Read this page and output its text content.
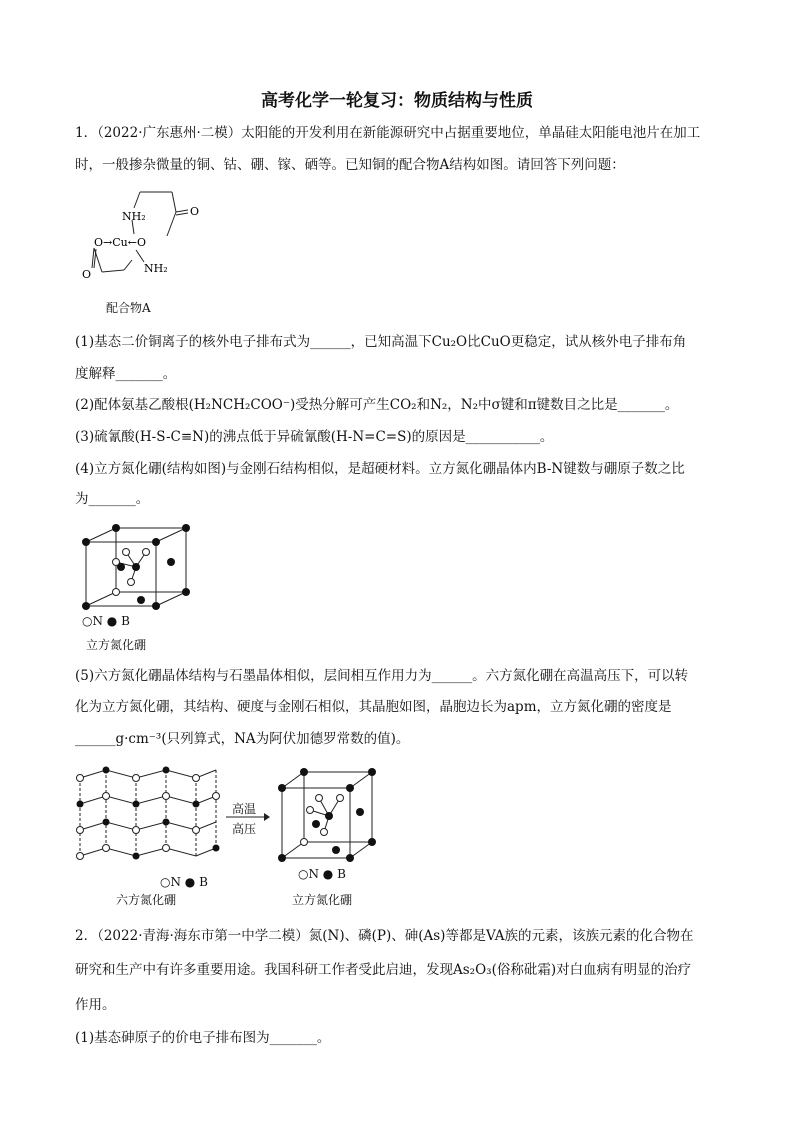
高考化学一轮复习：物质结构与性质
1．（2022·广东惠州·二模）太阳能的开发利用在新能源研究中占据重要地位，单晶硅太阳能电池片在加工
时，一般掺杂微量的铜、钴、硼、镓、硒等。已知铜的配合物A结构如图。请回答下列问题：
NH₂	O
O→Cu←O
O	NH₂
配合物A
(1)基态二价铜离子的核外电子排布式为______，已知高温下Cu₂O比CuO更稳定，试从核外电子排布角
度解释_______。
(2)配体氨基乙酸根(H₂NCH₂COO⁻)受热分解可产生CO₂和N₂，N₂中σ键和π键数目之比是_______。
(3)硫氰酸(H-S-C≡N)的沸点低于异硫氰酸(H-N=C=S)的原因是___________。
(4)立方氮化硼(结构如图)与金刚石结构相似，是超硬材料。立方氮化硼晶体内B-N键数与硼原子数之比
为_______。
○N ● B
立方氮化硼
(5)六方氮化硼晶体结构与石墨晶体相似，层间相互作用力为______。六方氮化硼在高温高压下，可以转
化为立方氮化硼，其结构、硬度与金刚石相似，其晶胞如图，晶胞边长为apm，立方氮化硼的密度是
______g·cm⁻³(只列算式，NA为阿伏加德罗常数的值)。
○N ● B
六方氮化硼
高温
高压
○N ● B
立方氮化硼
2．（2022·青海·海东市第一中学二模）氮(N)、磷(P)、砷(As)等都是VA族的元素，该族元素的化合物在
研究和生产中有许多重要用途。我国科研工作者受此启迪，发现As₂O₃(俗称砒霜)对白血病有明显的治疗
作用。
(1)基态砷原子的价电子排布图为_______。
